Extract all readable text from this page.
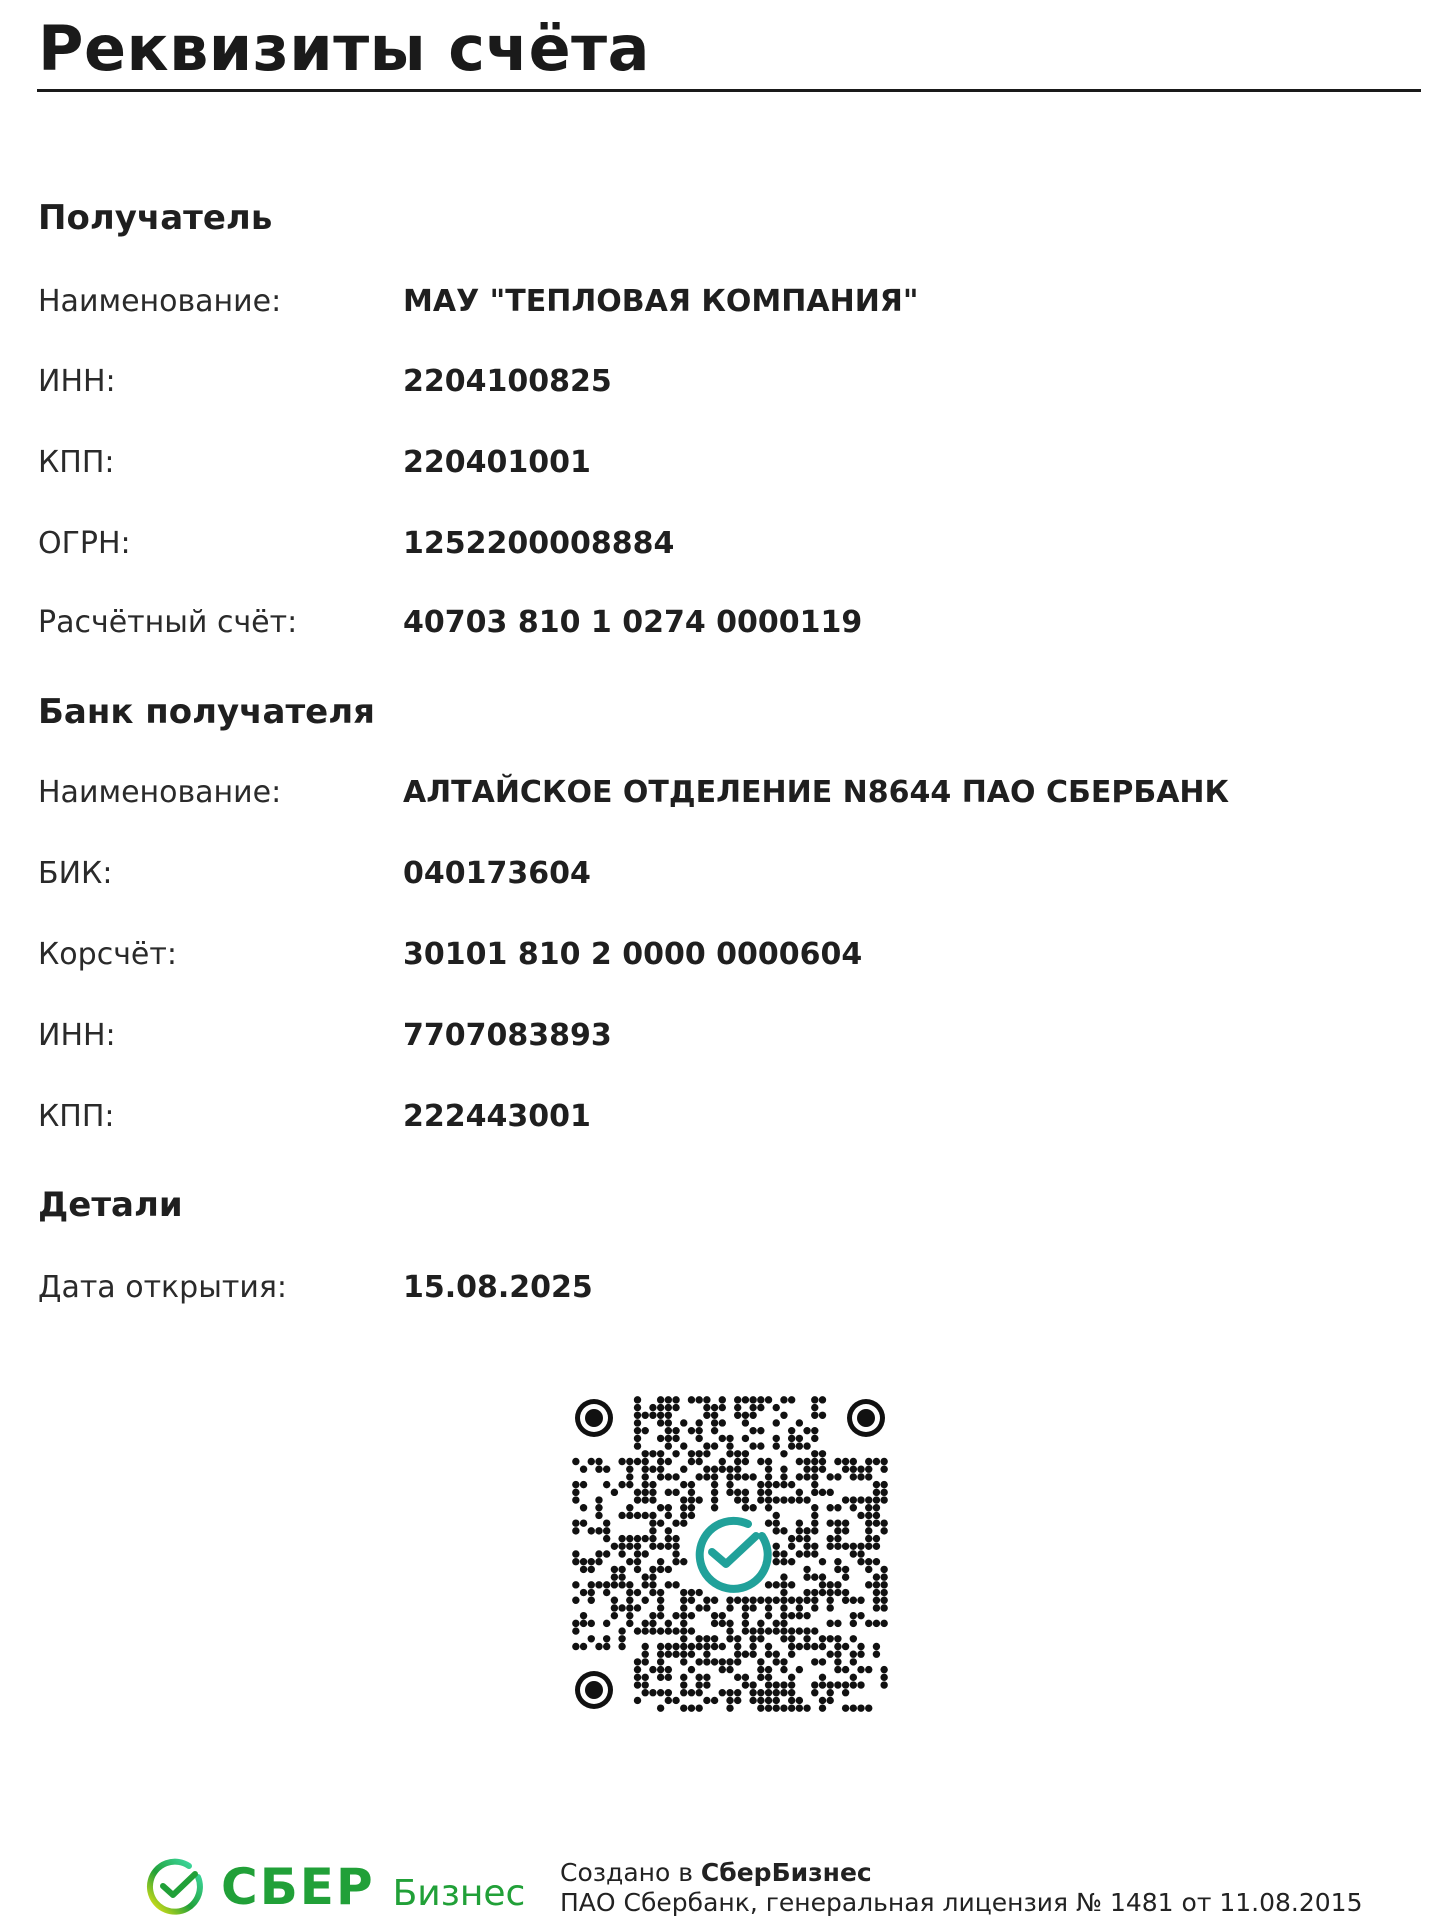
Реквизиты счёта
Получатель
Наименование:	МАУ "ТЕПЛОВАЯ КОМПАНИЯ"
ИНН:	2204100825
КПП:	220401001
ОГРН:	1252200008884
Расчётный счёт:	40703 810 1 0274 0000119
Банк получателя
Наименование:	АЛТАЙСКОЕ ОТДЕЛЕНИЕ N8644 ПАО СБЕРБАНК
БИК:	040173604
Корсчёт:	30101 810 2 0000 0000604
ИНН:	7707083893
КПП:	222443001
Детали
Дата открытия:	15.08.2025
СБЕР Бизнес Создано в СберБизнес
ПАО Сбербанк, генеральная лицензия № 1481 от 11.08.2015
